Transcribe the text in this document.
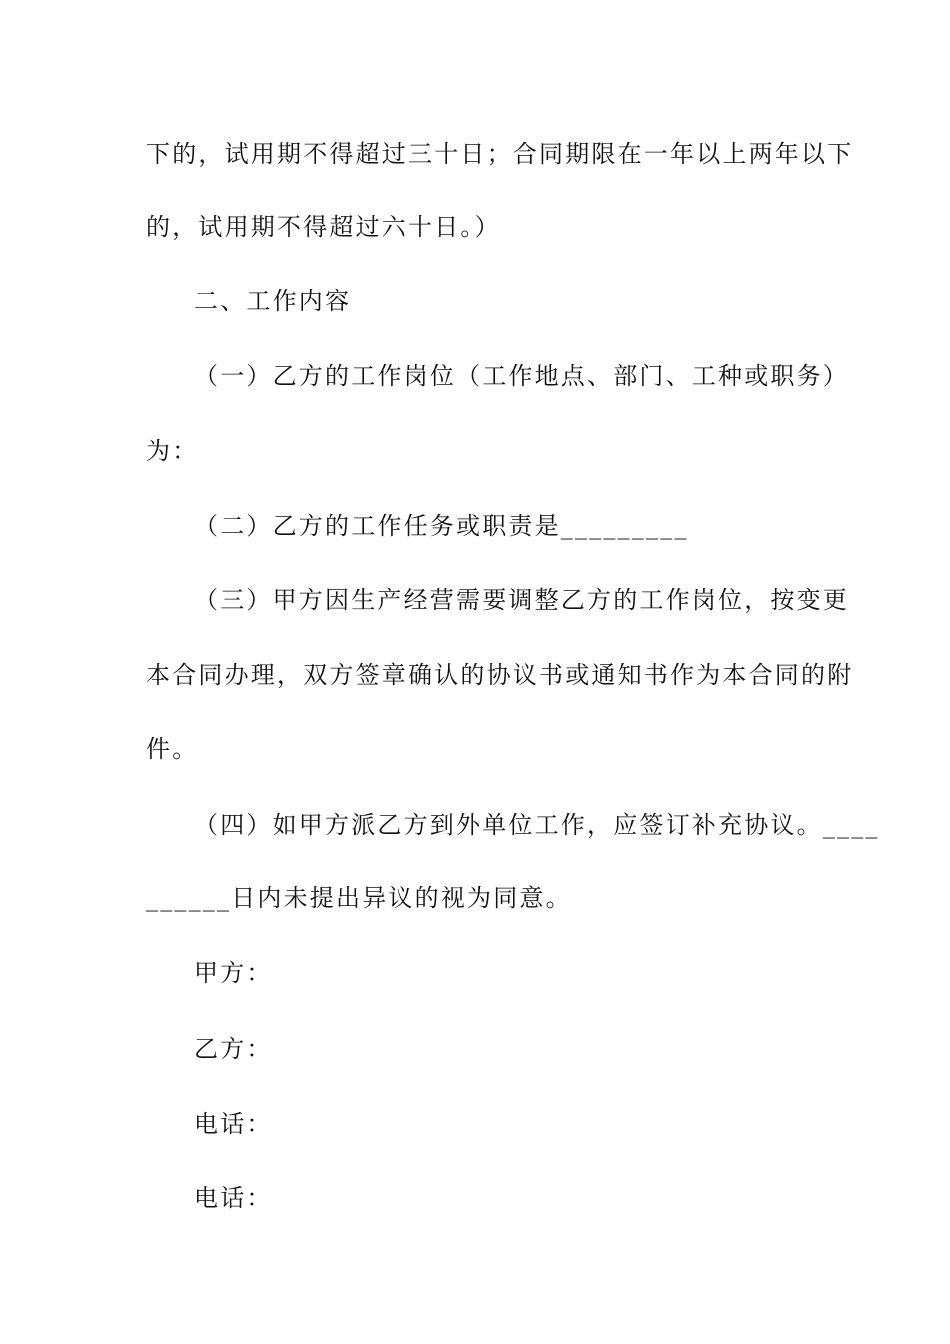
下的，试用期不得超过三十日；合同期限在一年以上两年以下
的，试用期不得超过六十日。）
二、工作内容
（一）乙方的工作岗位（工作地点、部门、工种或职务）
为：
（二）乙方的工作任务或职责是_________
（三）甲方因生产经营需要调整乙方的工作岗位，按变更
本合同办理，双方签章确认的协议书或通知书作为本合同的附
件。
（四）如甲方派乙方到外单位工作，应签订补充协议。____
______日内未提出异议的视为同意。
甲方：
乙方：
电话：
电话：
